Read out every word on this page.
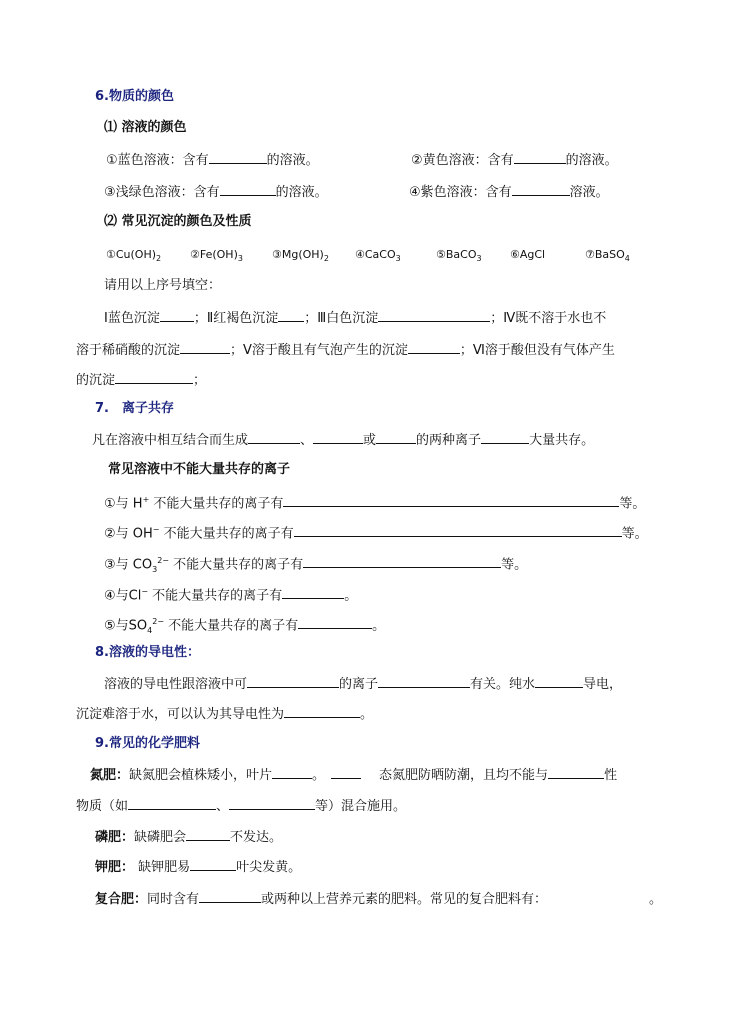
6.物质的颜色
⑴ 溶液的颜色
①蓝色溶液：含有	的溶液。	②黄色溶液：含有	的溶液。
③浅绿色溶液：含有	的溶液。	④紫色溶液：含有	溶液。
⑵ 常见沉淀的颜色及性质
$①Cu(OH)_2$	$②Fe(OH)_3$	$③Mg(OH)_2$ ④CaCO$_3$	⑤BaCO$_3$	⑥AgCl	⑦BaSO$_4$
请用以上序号填空：
Ⅰ蓝色沉淀	；Ⅱ红褐色沉淀 ；Ⅲ白色沉淀	；Ⅳ既不溶于水也不
溶于稀硝酸的沉淀	；Ⅴ溶于酸且有气泡产生的沉淀	；Ⅵ溶于酸但没有气体产生
的沉淀	；
7.　离子共存
凡在溶液中相互结合而生成	、	或	的两种离子	大量共存。
常见溶液中不能大量共存的离子
①与 H+ 不能大量共存的离子有	等。
②与 OH− 不能大量共存的离子有	等。
③与 $CO_3^{2-}$ 不能大量共存的离子有	等。
④与Cl− 不能大量共存的离子有	。
⑤与$SO_4^{2-}$ 不能大量共存的离子有	。
8.溶液的导电性：
溶液的导电性跟溶液中可	的离子	有关。纯水	导电，
沉淀难溶于水，可以认为其导电性为	。
9.常见的化学肥料
氮肥：缺氮肥会植株矮小，叶片	。	态氮肥防晒防潮，且均不能与	性
物质（如	、	等）混合施用。
磷肥：缺磷肥会	不发达。
钾肥： 缺钾肥易	叶尖发黄。
复合肥：同时含有	或两种以上营养元素的肥料。常见的复合肥料有：	。
